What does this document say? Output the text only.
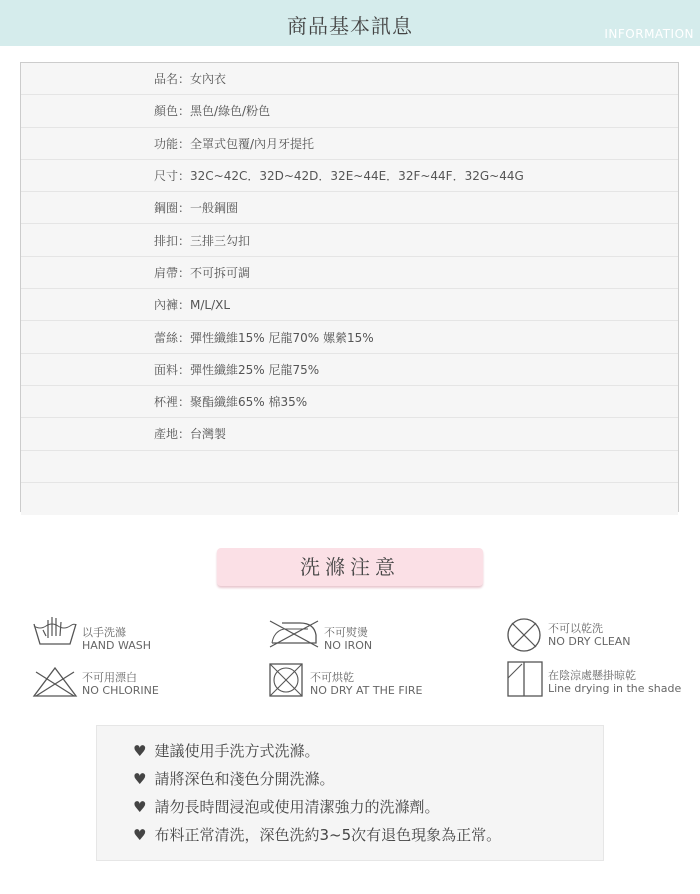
商品基本訊息	INFORMATION
品名：女內衣
顏色：黑色/綠色/粉色
功能：全罩式包覆/內月牙提托
尺寸：32C~42C．32D~42D．32E~44E．32F~44F．32G~44G
鋼圈：一般鋼圈
排扣：三排三勾扣
肩帶：不可拆可調
內褲：M/L/XL
蕾絲：彈性纖維15% 尼龍70% 嫘縈15%
面料：彈性纖維25% 尼龍75%
杯裡：聚酯纖維65% 棉35%
產地：台灣製
洗滌注意
以手洗滌
HAND WASH
不可熨燙
NO IRON
不可以乾洗
NO DRY CLEAN
不可用漂白
NO CHLORINE
不可烘乾
NO DRY AT THE FIRE
在陰涼處懸掛晾乾
Line drying in the shade
♥ 建議使用手洗方式洗滌。
♥ 請將深色和淺色分開洗滌。
♥ 請勿長時間浸泡或使用清潔強力的洗滌劑。
♥ 布料正常清洗，深色洗約3~5次有退色現象為正常。
